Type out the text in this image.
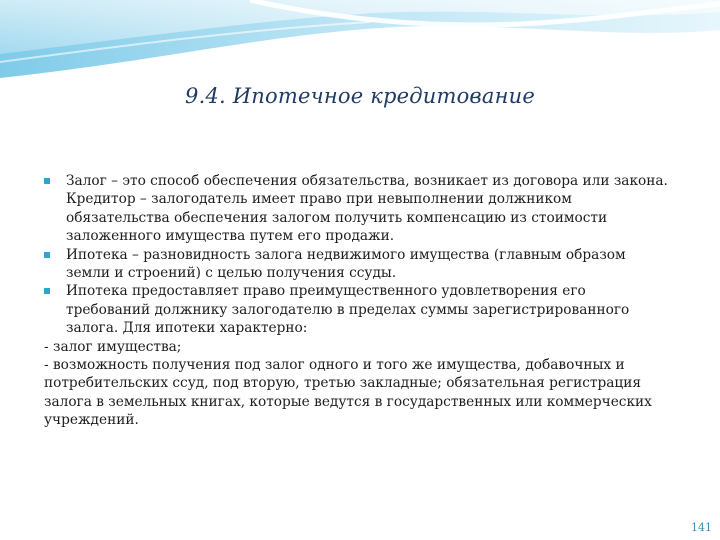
9.4. Ипотечное кредитование
Залог – это способ обеспечения обязательства, возникает из договора или закона. Кредитор – залогодатель имеет право при невыполнении должником обязательства обеспечения залогом получить компенсацию из стоимости заложенного имущества путем его продажи.
Ипотека – разновидность залога недвижимого имущества (главным образом земли и строений) с целью получения ссуды.
Ипотека предоставляет право преимущественного удовлетворения его требований должнику залогодателю в пределах суммы зарегистрированного залога. Для ипотеки характерно:
- залог имущества;
- возможность получения под залог одного и того же имущества, добавочных и потребительских ссуд, под вторую, третью закладные; обязательная регистрация залога в земельных книгах, которые ведутся в государственных или коммерческих учреждений.
141
